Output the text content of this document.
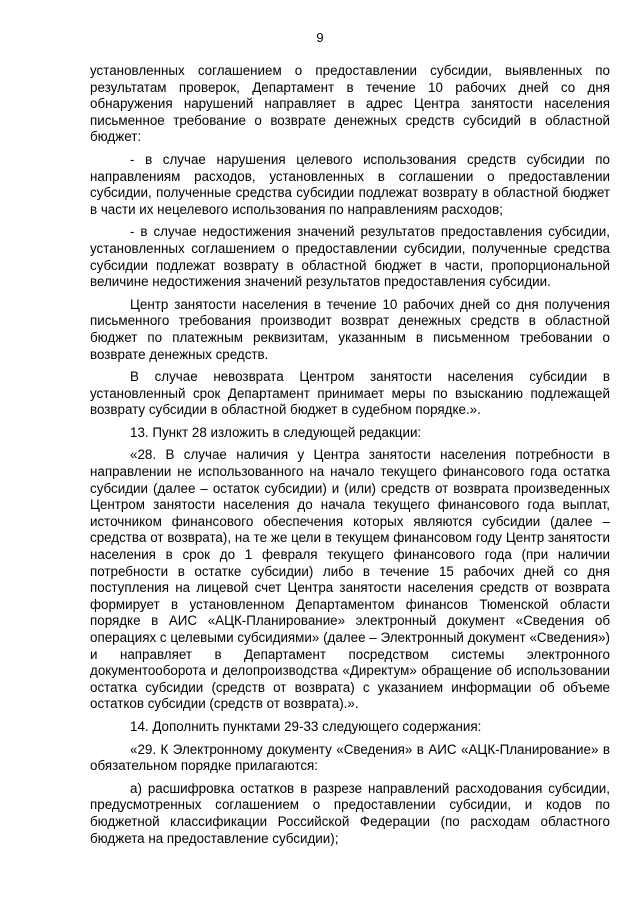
9

установленных соглашением о предоставлении субсидии, выявленных по результатам проверок, Департамент в течение 10 рабочих дней со дня обнаружения нарушений направляет в адрес Центра занятости населения письменное требование о возврате денежных средств субсидий в областной бюджет:

- в случае нарушения целевого использования средств субсидии по направлениям расходов, установленных в соглашении о предоставлении субсидии, полученные средства субсидии подлежат возврату в областной бюджет в части их нецелевого использования по направлениям расходов;

- в случае недостижения значений результатов предоставления субсидии, установленных соглашением о предоставлении субсидии, полученные средства субсидии подлежат возврату в областной бюджет в части, пропорциональной величине недостижения значений результатов предоставления субсидии.

Центр занятости населения в течение 10 рабочих дней со дня получения письменного требования производит возврат денежных средств в областной бюджет по платежным реквизитам, указанным в письменном требовании о возврате денежных средств.

В случае невозврата Центром занятости населения субсидии в установленный срок Департамент принимает меры по взысканию подлежащей возврату субсидии в областной бюджет в судебном порядке.».

13. Пункт 28 изложить в следующей редакции:

«28. В случае наличия у Центра занятости населения потребности в направлении не использованного на начало текущего финансового года остатка субсидии (далее – остаток субсидии) и (или) средств от возврата произведенных Центром занятости населения до начала текущего финансового года выплат, источником финансового обеспечения которых являются субсидии (далее – средства от возврата), на те же цели в текущем финансовом году Центр занятости населения в срок до 1 февраля текущего финансового года (при наличии потребности в остатке субсидии) либо в течение 15 рабочих дней со дня поступления на лицевой счет Центра занятости населения средств от возврата формирует в установленном Департаментом финансов Тюменской области порядке в АИС «АЦК-Планирование» электронный документ «Сведения об операциях с целевыми субсидиями» (далее – Электронный документ «Сведения») и направляет в Департамент посредством системы электронного документооборота и делопроизводства «Директум» обращение об использовании остатка субсидии (средств от возврата) с указанием информации об объеме остатков субсидии (средств от возврата).».

14. Дополнить пунктами 29-33 следующего содержания:

«29. К Электронному документу «Сведения» в АИС «АЦК-Планирование» в обязательном порядке прилагаются:

а) расшифровка остатков в разрезе направлений расходования субсидии, предусмотренных соглашением о предоставлении субсидии, и кодов по бюджетной классификации Российской Федерации (по расходам областного бюджета на предоставление субсидии);
